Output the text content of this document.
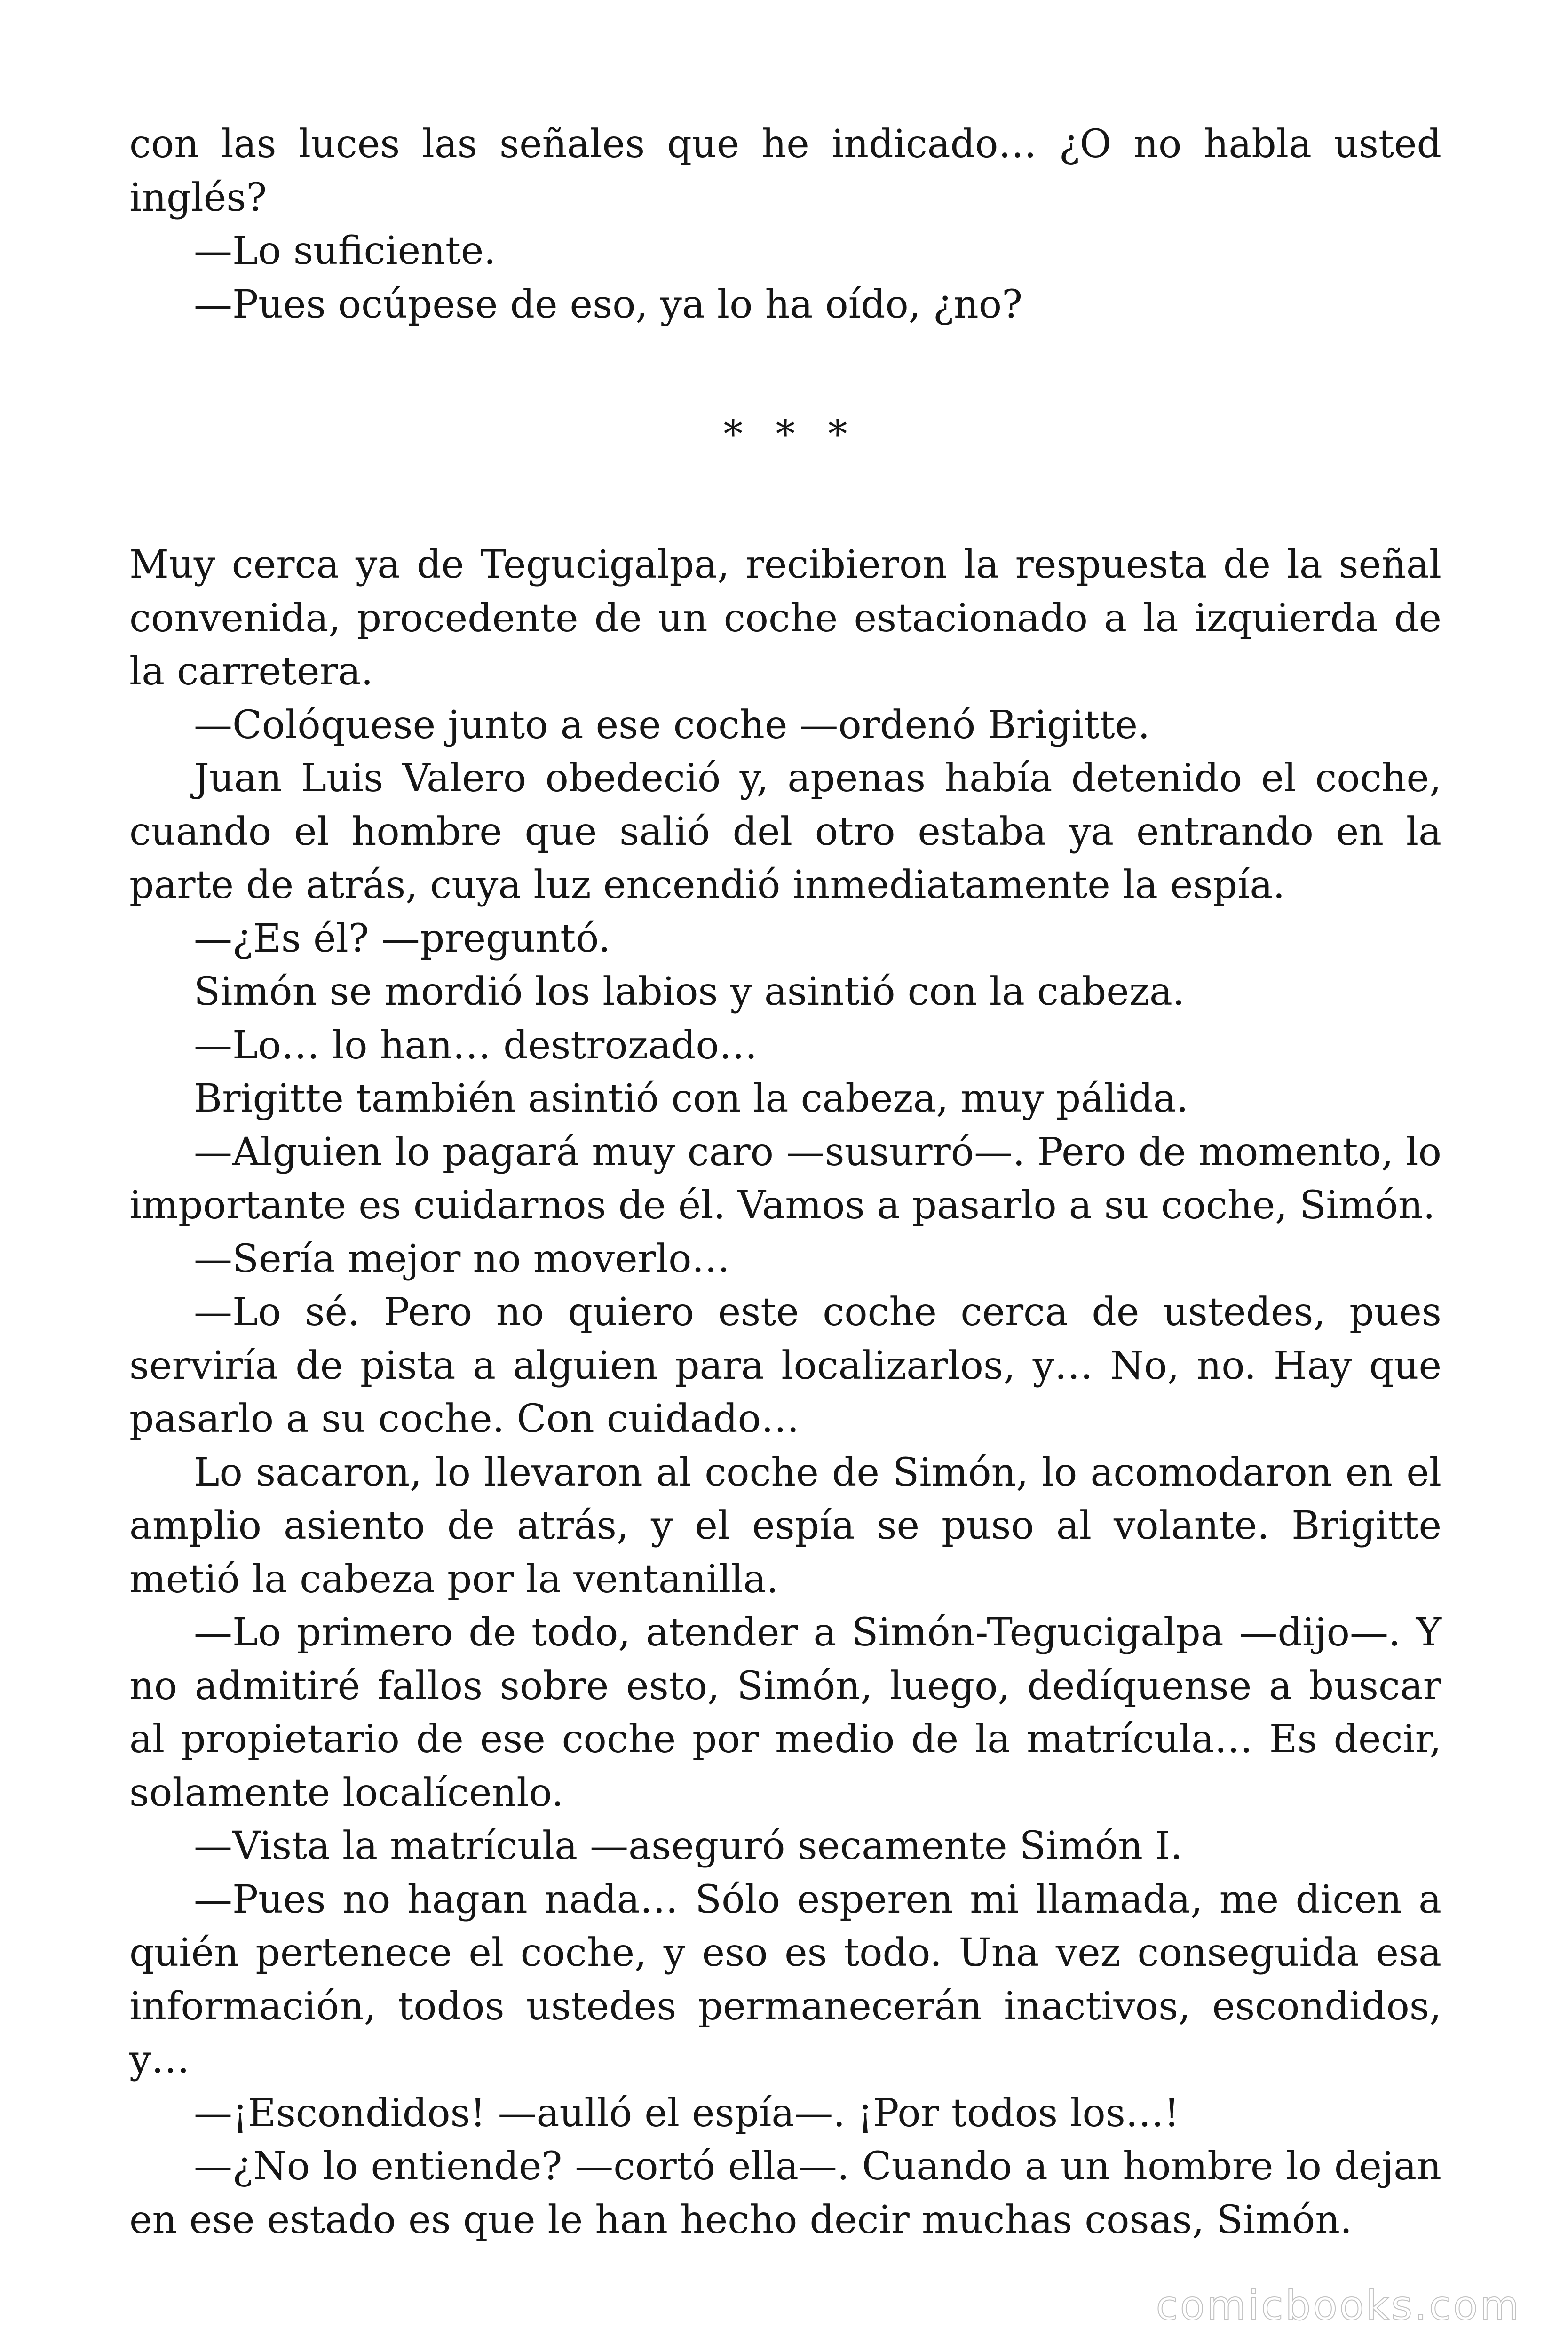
con las luces las señales que he indicado… ¿O no habla usted inglés?

—Lo suficiente.

—Pues ocúpese de eso, ya lo ha oído, ¿no?

* * *

Muy cerca ya de Tegucigalpa, recibieron la respuesta de la señal convenida, procedente de un coche estacionado a la izquierda de la carretera.

—Colóquese junto a ese coche —ordenó Brigitte.

Juan Luis Valero obedeció y, apenas había detenido el coche, cuando el hombre que salió del otro estaba ya entrando en la parte de atrás, cuya luz encendió inmediatamente la espía.

—¿Es él? —preguntó.

Simón se mordió los labios y asintió con la cabeza.

—Lo… lo han… destrozado…

Brigitte también asintió con la cabeza, muy pálida.

—Alguien lo pagará muy caro —susurró—. Pero de momento, lo importante es cuidarnos de él. Vamos a pasarlo a su coche, Simón.

—Sería mejor no moverlo…

—Lo sé. Pero no quiero este coche cerca de ustedes, pues serviría de pista a alguien para localizarlos, y… No, no. Hay que pasarlo a su coche. Con cuidado…

Lo sacaron, lo llevaron al coche de Simón, lo acomodaron en el amplio asiento de atrás, y el espía se puso al volante. Brigitte metió la cabeza por la ventanilla.

—Lo primero de todo, atender a Simón-Tegucigalpa —dijo—. Y no admitiré fallos sobre esto, Simón, luego, dedíquense a buscar al propietario de ese coche por medio de la matrícula… Es decir, solamente localícenlo.

—Vista la matrícula —aseguró secamente Simón I.

—Pues no hagan nada… Sólo esperen mi llamada, me dicen a quién pertenece el coche, y eso es todo. Una vez conseguida esa información, todos ustedes permanecerán inactivos, escondidos, y…

—¡Escondidos! —aulló el espía—. ¡Por todos los…!

—¿No lo entiende? —cortó ella—. Cuando a un hombre lo dejan en ese estado es que le han hecho decir muchas cosas, Simón.

comicbooks.com
